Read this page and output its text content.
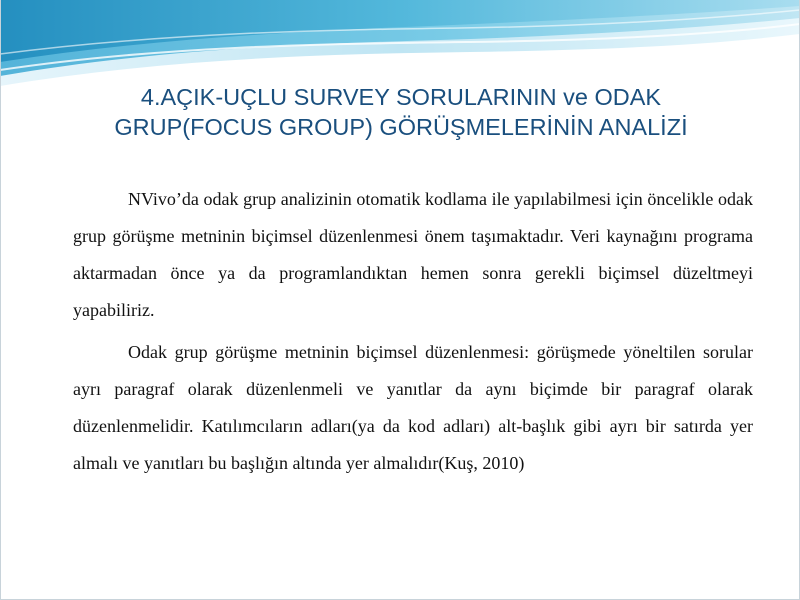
4.AÇIK-UÇLU SURVEY SORULARININ ve ODAK
GRUP(FOCUS GROUP) GÖRÜŞMELERİNİN ANALİZİ

NVivo’da odak grup analizinin otomatik kodlama ile yapılabilmesi için öncelikle odak grup görüşme metninin biçimsel düzenlenmesi önem taşımaktadır. Veri kaynağını programa aktarmadan önce ya da programlandıktan hemen sonra gerekli biçimsel düzeltmeyi yapabiliriz.

Odak grup görüşme metninin biçimsel düzenlenmesi: görüşmede yöneltilen sorular ayrı paragraf olarak düzenlenmeli ve yanıtlar da aynı biçimde bir paragraf olarak düzenlenmelidir. Katılımcıların adları(ya da kod adları) alt-başlık gibi ayrı bir satırda yer almalı ve yanıtları bu başlığın altında yer almalıdır(Kuş, 2010)
